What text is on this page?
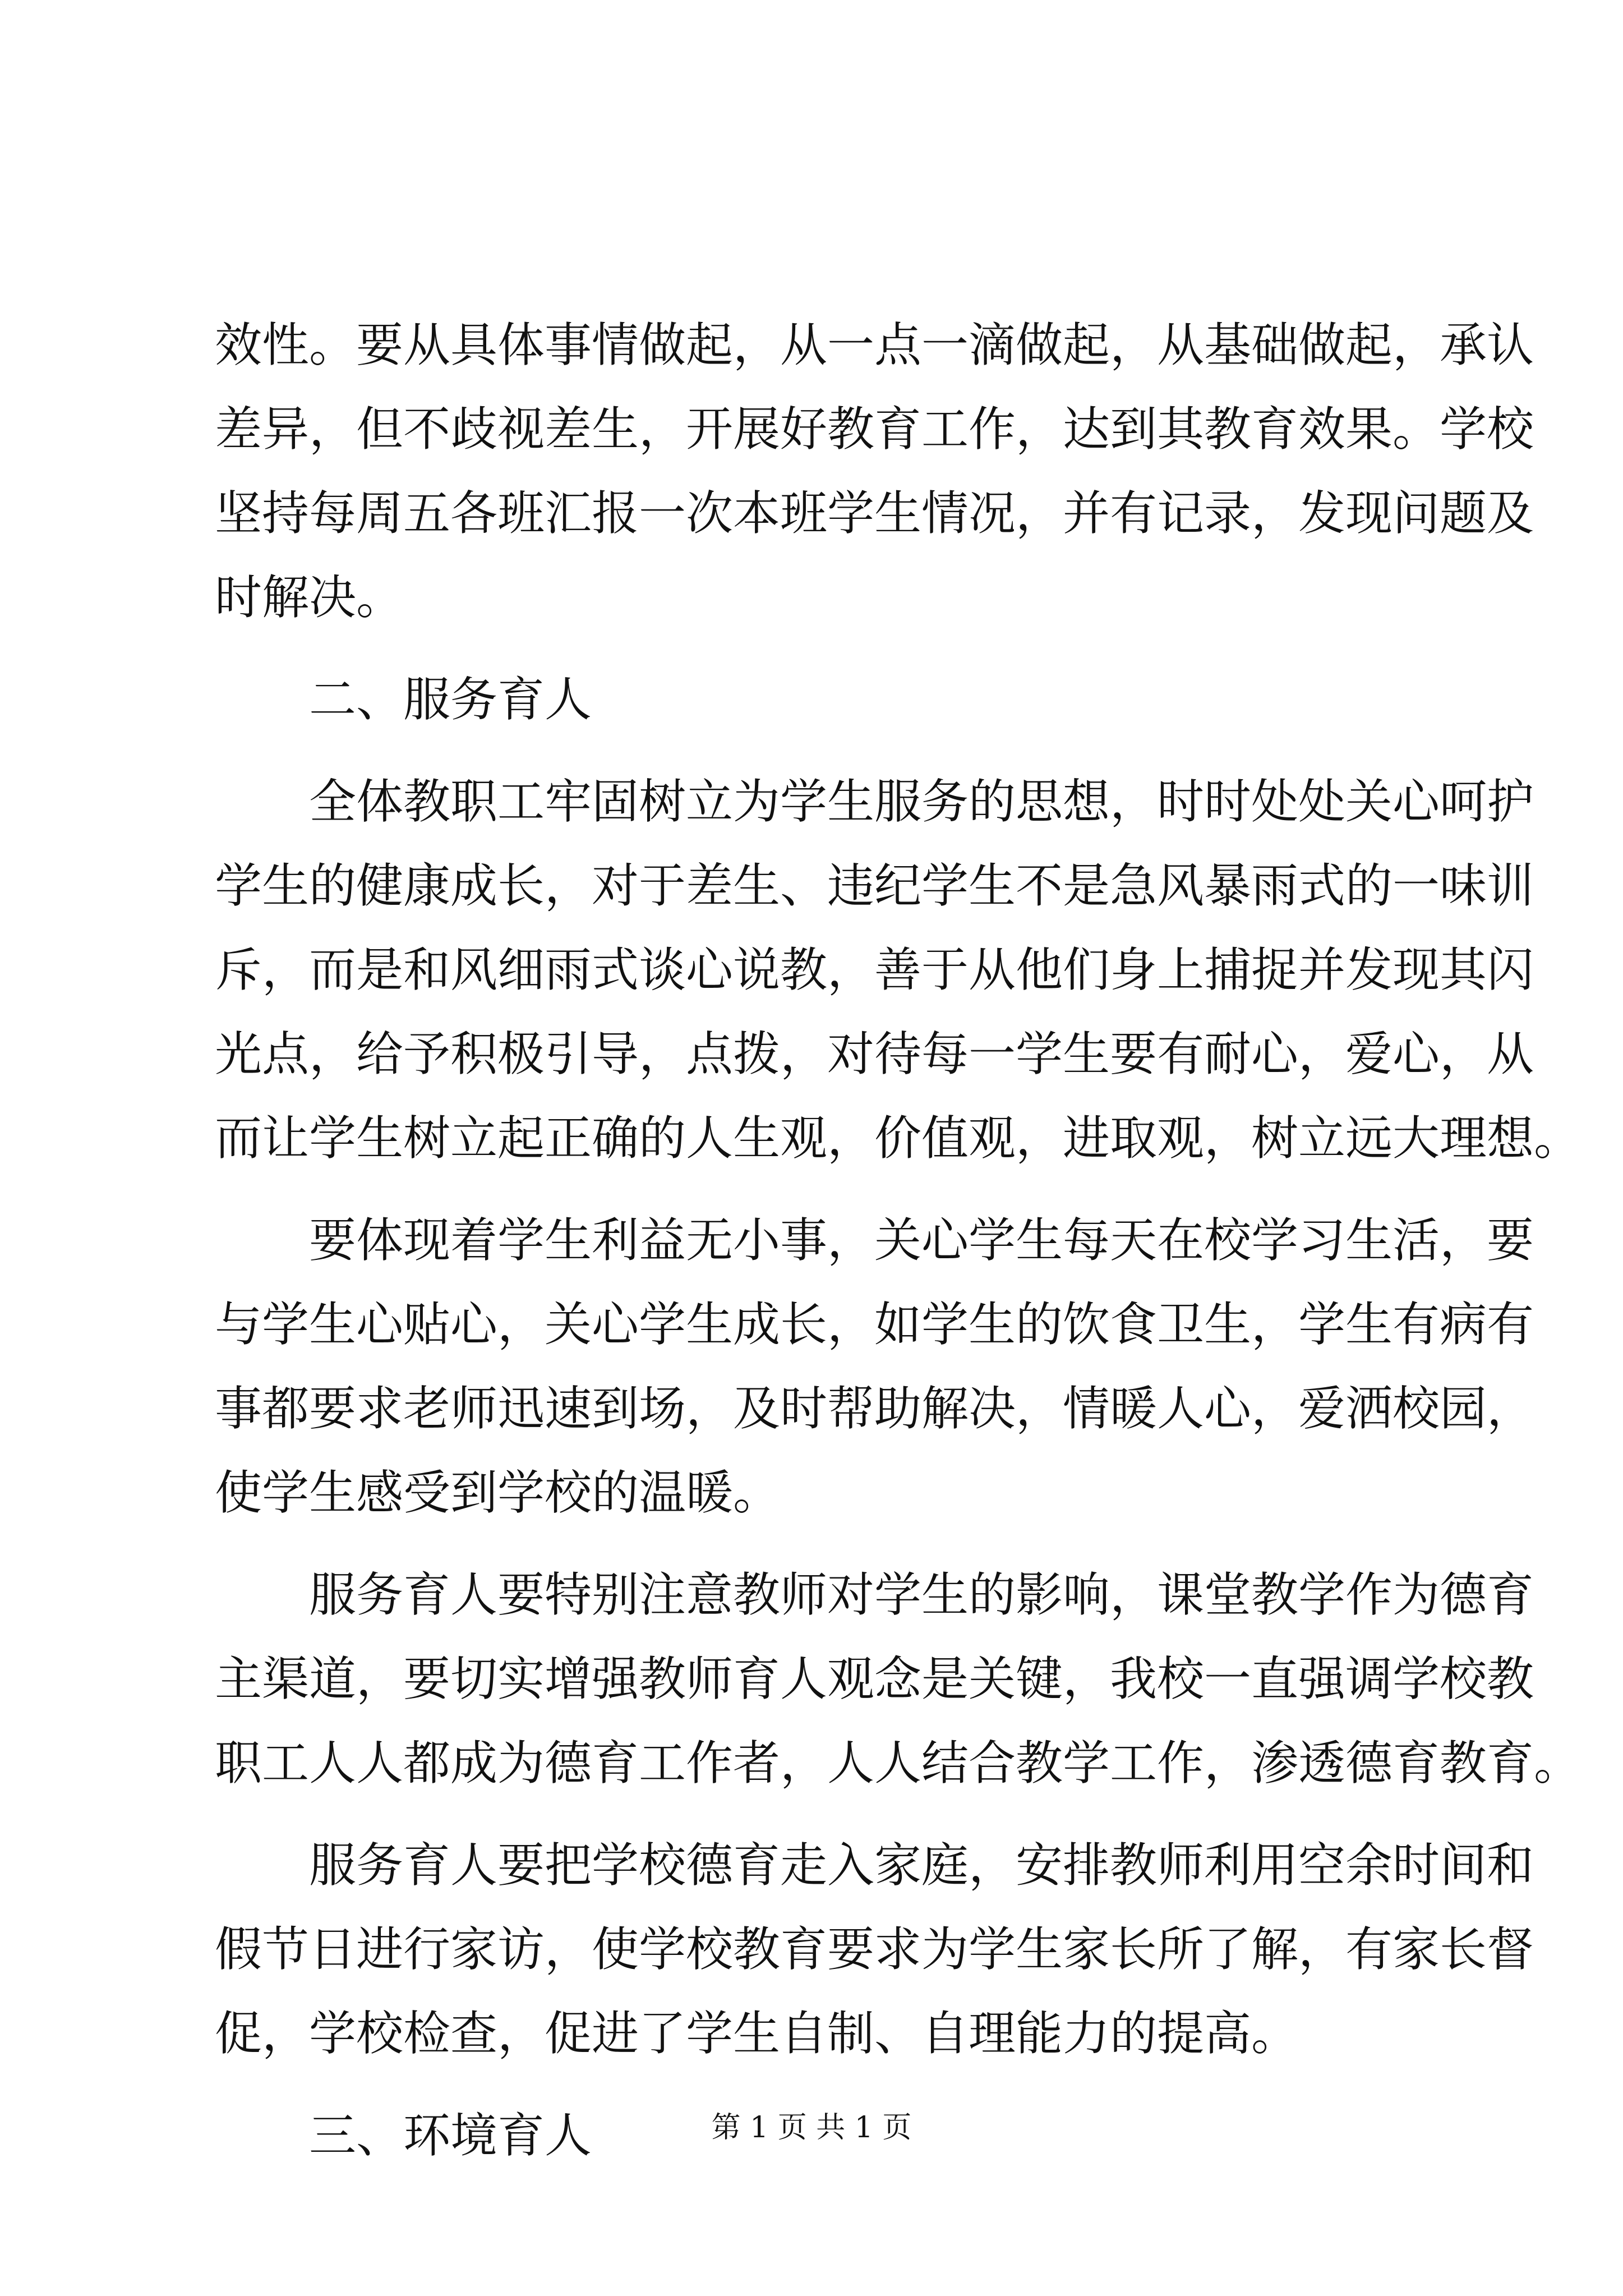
效性。要从具体事情做起，从一点一滴做起，从基础做起，承认
差异，但不歧视差生，开展好教育工作，达到其教育效果。学校
坚持每周五各班汇报一次本班学生情况，并有记录，发现问题及
时解决。
二、服务育人
全体教职工牢固树立为学生服务的思想，时时处处关心呵护
学生的健康成长，对于差生、违纪学生不是急风暴雨式的一味训
斥，而是和风细雨式谈心说教，善于从他们身上捕捉并发现其闪
光点，给予积极引导，点拨，对待每一学生要有耐心，爱心，从
而让学生树立起正确的人生观，价值观，进取观，树立远大理想。
要体现着学生利益无小事，关心学生每天在校学习生活，要
与学生心贴心，关心学生成长，如学生的饮食卫生，学生有病有
事都要求老师迅速到场，及时帮助解决，情暖人心，爱洒校园，
使学生感受到学校的温暖。
服务育人要特别注意教师对学生的影响，课堂教学作为德育
主渠道，要切实增强教师育人观念是关键，我校一直强调学校教
职工人人都成为德育工作者，人人结合教学工作，渗透德育教育。
服务育人要把学校德育走入家庭，安排教师利用空余时间和
假节日进行家访，使学校教育要求为学生家长所了解，有家长督
促，学校检查，促进了学生自制、自理能力的提高。
三、环境育人	第 1 页 共 1 页
